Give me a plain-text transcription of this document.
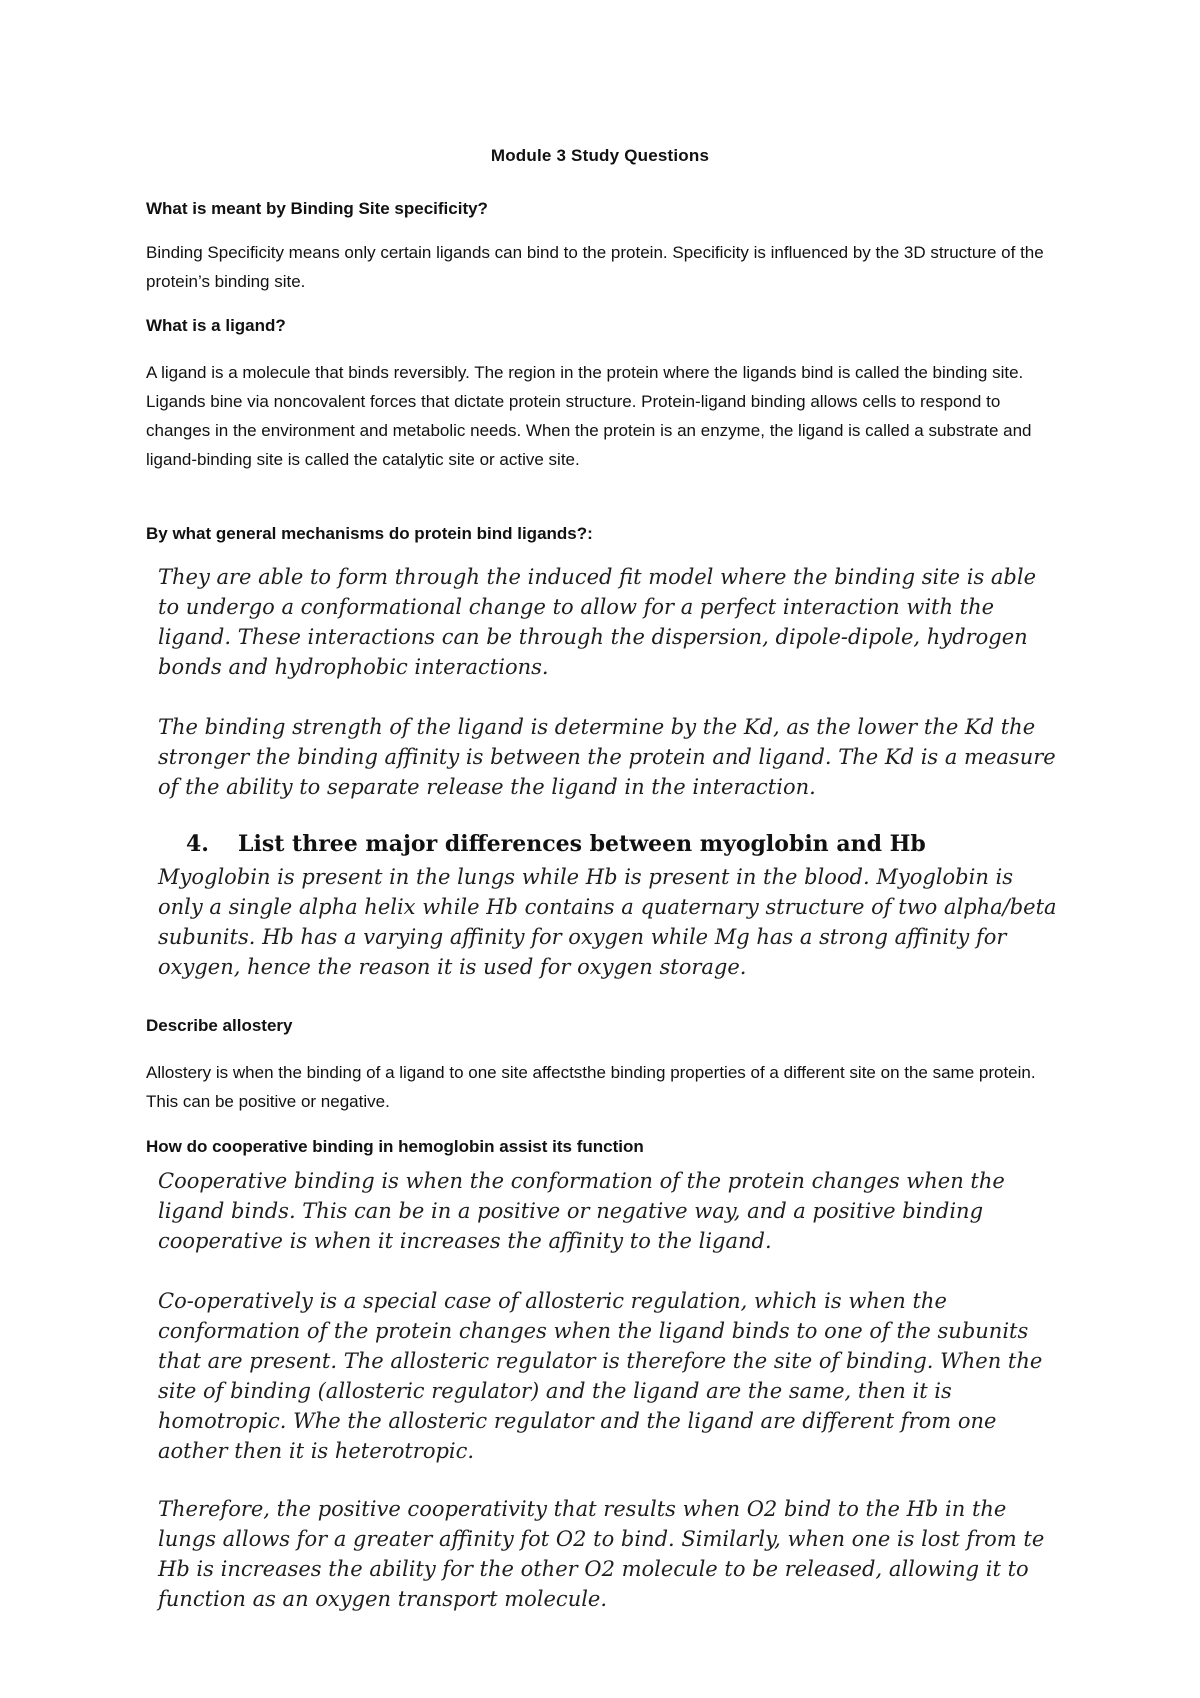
Module 3 Study Questions
What is meant by Binding Site specificity?
Binding Specificity means only certain ligands can bind to the protein. Specificity is influenced by the 3D structure of the protein’s binding site.
What is a ligand?
A ligand is a molecule that binds reversibly. The region in the protein where the ligands bind is called the binding site. Ligands bine via noncovalent forces that dictate protein structure. Protein-ligand binding allows cells to respond to changes in the environment and metabolic needs. When the protein is an enzyme, the ligand is called a substrate and ligand-binding site is called the catalytic site or active site.
By what general mechanisms do protein bind ligands?:
They are able to form through the induced fit model where the binding site is able to undergo a conformational change to allow for a perfect interaction with the ligand. These interactions can be through the dispersion, dipole-dipole, hydrogen bonds and hydrophobic interactions.
The binding strength of the ligand is determine by the Kd, as the lower the Kd the stronger the binding affinity is between the protein and ligand. The Kd is a measure of the ability to separate release the ligand in the interaction.
4. List three major differences between myoglobin and Hb
Myoglobin is present in the lungs while Hb is present in the blood. Myoglobin is only a single alpha helix while Hb contains a quaternary structure of two alpha/beta subunits. Hb has a varying affinity for oxygen while Mg has a strong affinity for oxygen, hence the reason it is used for oxygen storage.
Describe allostery
Allostery is when the binding of a ligand to one site affectsthe binding properties of a different site on the same protein. This can be positive or negative.
How do cooperative binding in hemoglobin assist its function
Cooperative binding is when the conformation of the protein changes when the ligand binds. This can be in a positive or negative way, and a positive binding cooperative is when it increases the affinity to the ligand.
Co-operatively is a special case of allosteric regulation, which is when the conformation of the protein changes when the ligand binds to one of the subunits that are present. The allosteric regulator is therefore the site of binding. When the site of binding (allosteric regulator) and the ligand are the same, then it is homotropic. Whe the allosteric regulator and the ligand are different from one aother then it is heterotropic.
Therefore, the positive cooperativity that results when O2 bind to the Hb in the lungs allows for a greater affinity fot O2 to bind. Similarly, when one is lost from te Hb is increases the ability for the other O2 molecule to be released, allowing it to function as an oxygen transport molecule.
